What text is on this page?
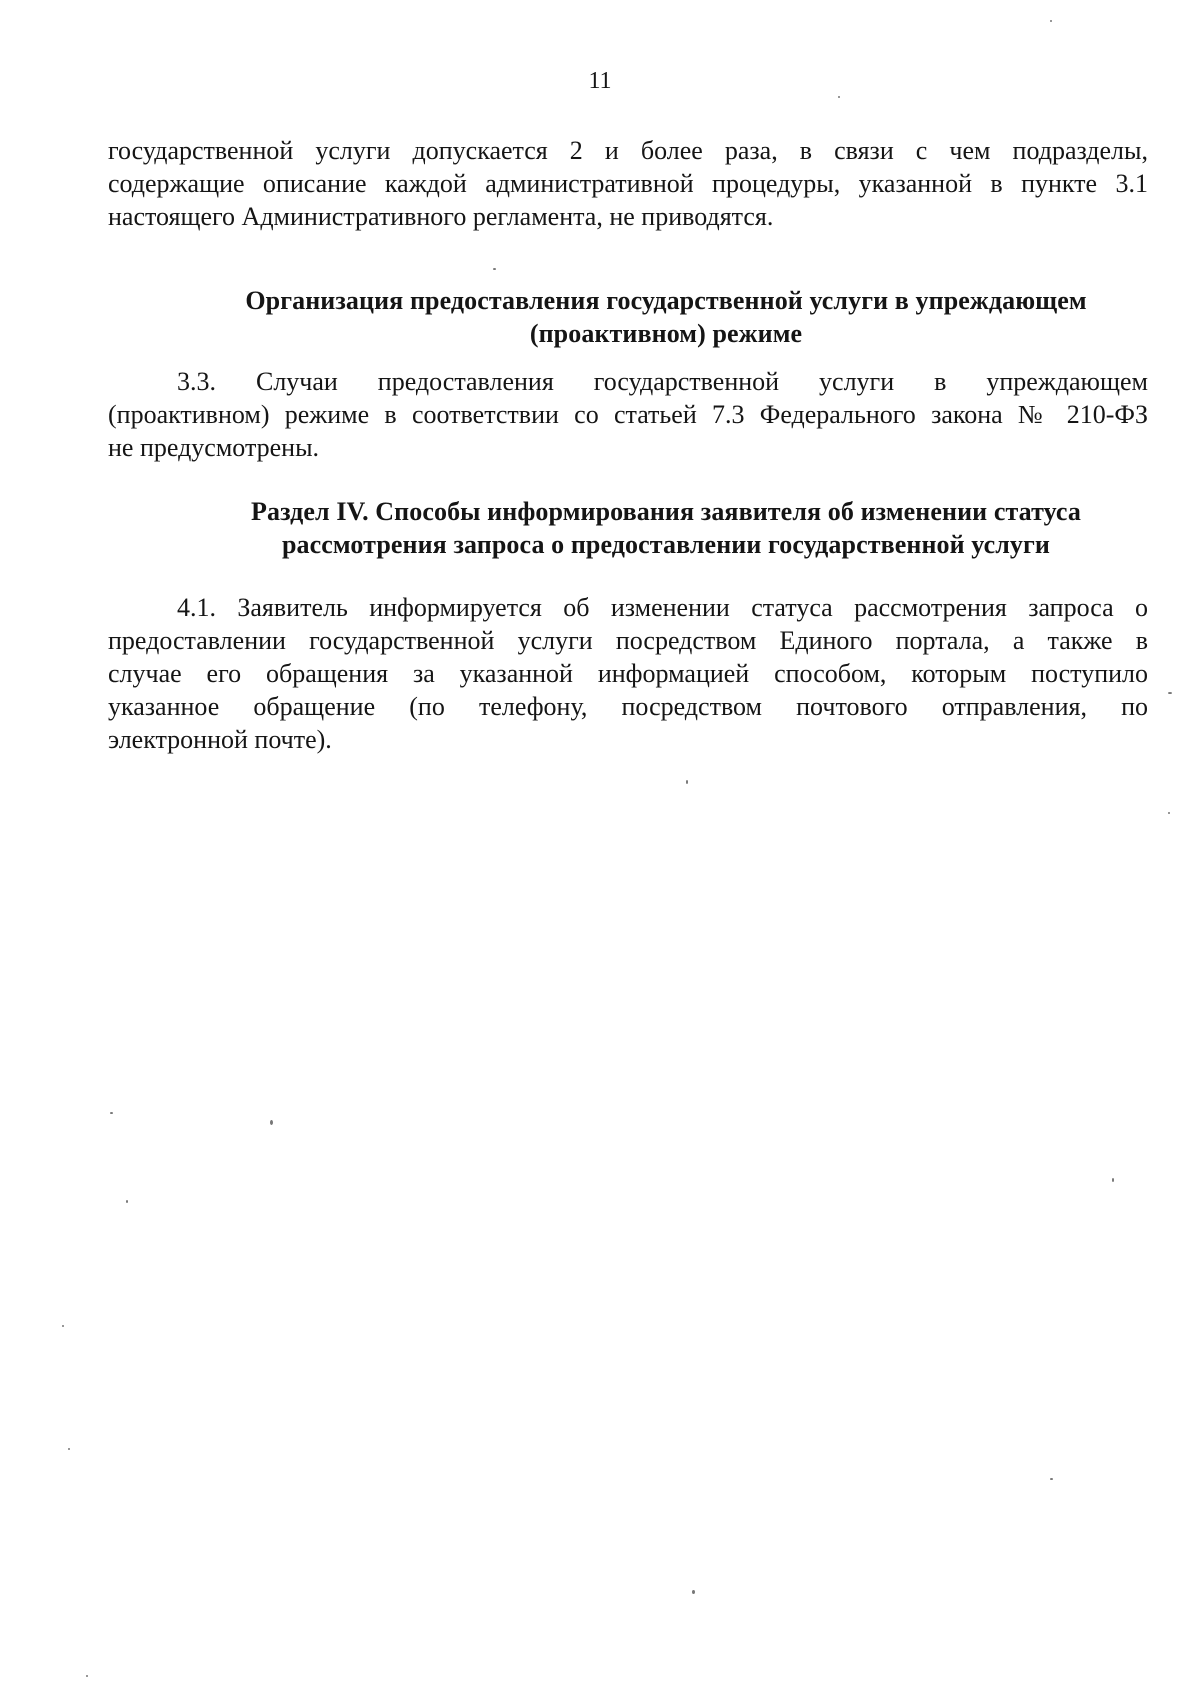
11
государственной услуги допускается 2 и более раза, в связи с чем подразделы,
содержащие описание каждой административной процедуры, указанной в пункте 3.1
настоящего Административного регламента, не приводятся.
Организация предоставления государственной услуги в упреждающем
(проактивном) режиме
3.3. Случаи предоставления государственной услуги в упреждающем
(проактивном) режиме в соответствии со статьей 7.3 Федерального закона № 210-ФЗ
не предусмотрены.
Раздел IV. Способы информирования заявителя об изменении статуса
рассмотрения запроса о предоставлении государственной услуги
4.1. Заявитель информируется об изменении статуса рассмотрения запроса о
предоставлении государственной услуги посредством Единого портала, а также в
случае его обращения за указанной информацией способом, которым поступило
указанное обращение (по телефону, посредством почтового отправления, по
электронной почте).
